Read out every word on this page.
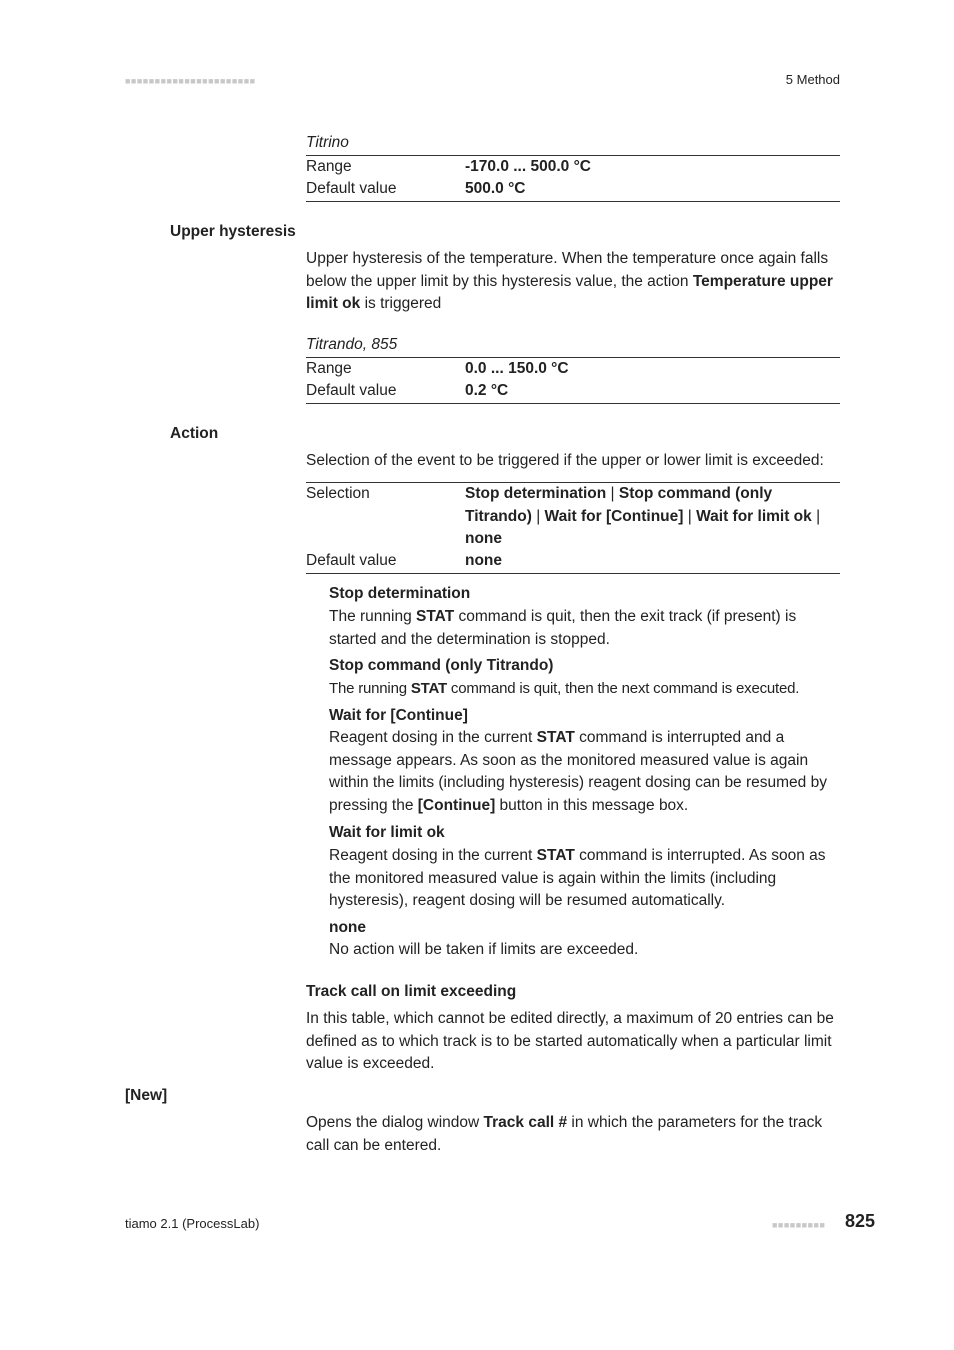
■■■■■■■■■■■■■■■■■■■■■■	5 Method
Titrino
Range	-170.0 ... 500.0 °C
Default value	500.0 °C
Upper hysteresis
Upper hysteresis of the temperature. When the temperature once again falls below the upper limit by this hysteresis value, the action Temperature upper limit ok is triggered
Titrando, 855
Range	0.0 ... 150.0 °C
Default value	0.2 °C
Action
Selection of the event to be triggered if the upper or lower limit is exceeded:
Selection	Stop determination | Stop command (only Titrando) | Wait for [Continue] | Wait for limit ok | none
Default value	none
Stop determination
The running STAT command is quit, then the exit track (if present) is started and the determination is stopped.
Stop command (only Titrando)
The running STAT command is quit, then the next command is executed.
Wait for [Continue]
Reagent dosing in the current STAT command is interrupted and a message appears. As soon as the monitored measured value is again within the limits (including hysteresis) reagent dosing can be resumed by pressing the [Continue] button in this message box.
Wait for limit ok
Reagent dosing in the current STAT command is interrupted. As soon as the monitored measured value is again within the limits (including hysteresis), reagent dosing will be resumed automatically.
none
No action will be taken if limits are exceeded.
Track call on limit exceeding
In this table, which cannot be edited directly, a maximum of 20 entries can be defined as to which track is to be started automatically when a particular limit value is exceeded.
[New]
Opens the dialog window Track call # in which the parameters for the track call can be entered.
tiamo 2.1 (ProcessLab)	■■■■■■■■■ 825
